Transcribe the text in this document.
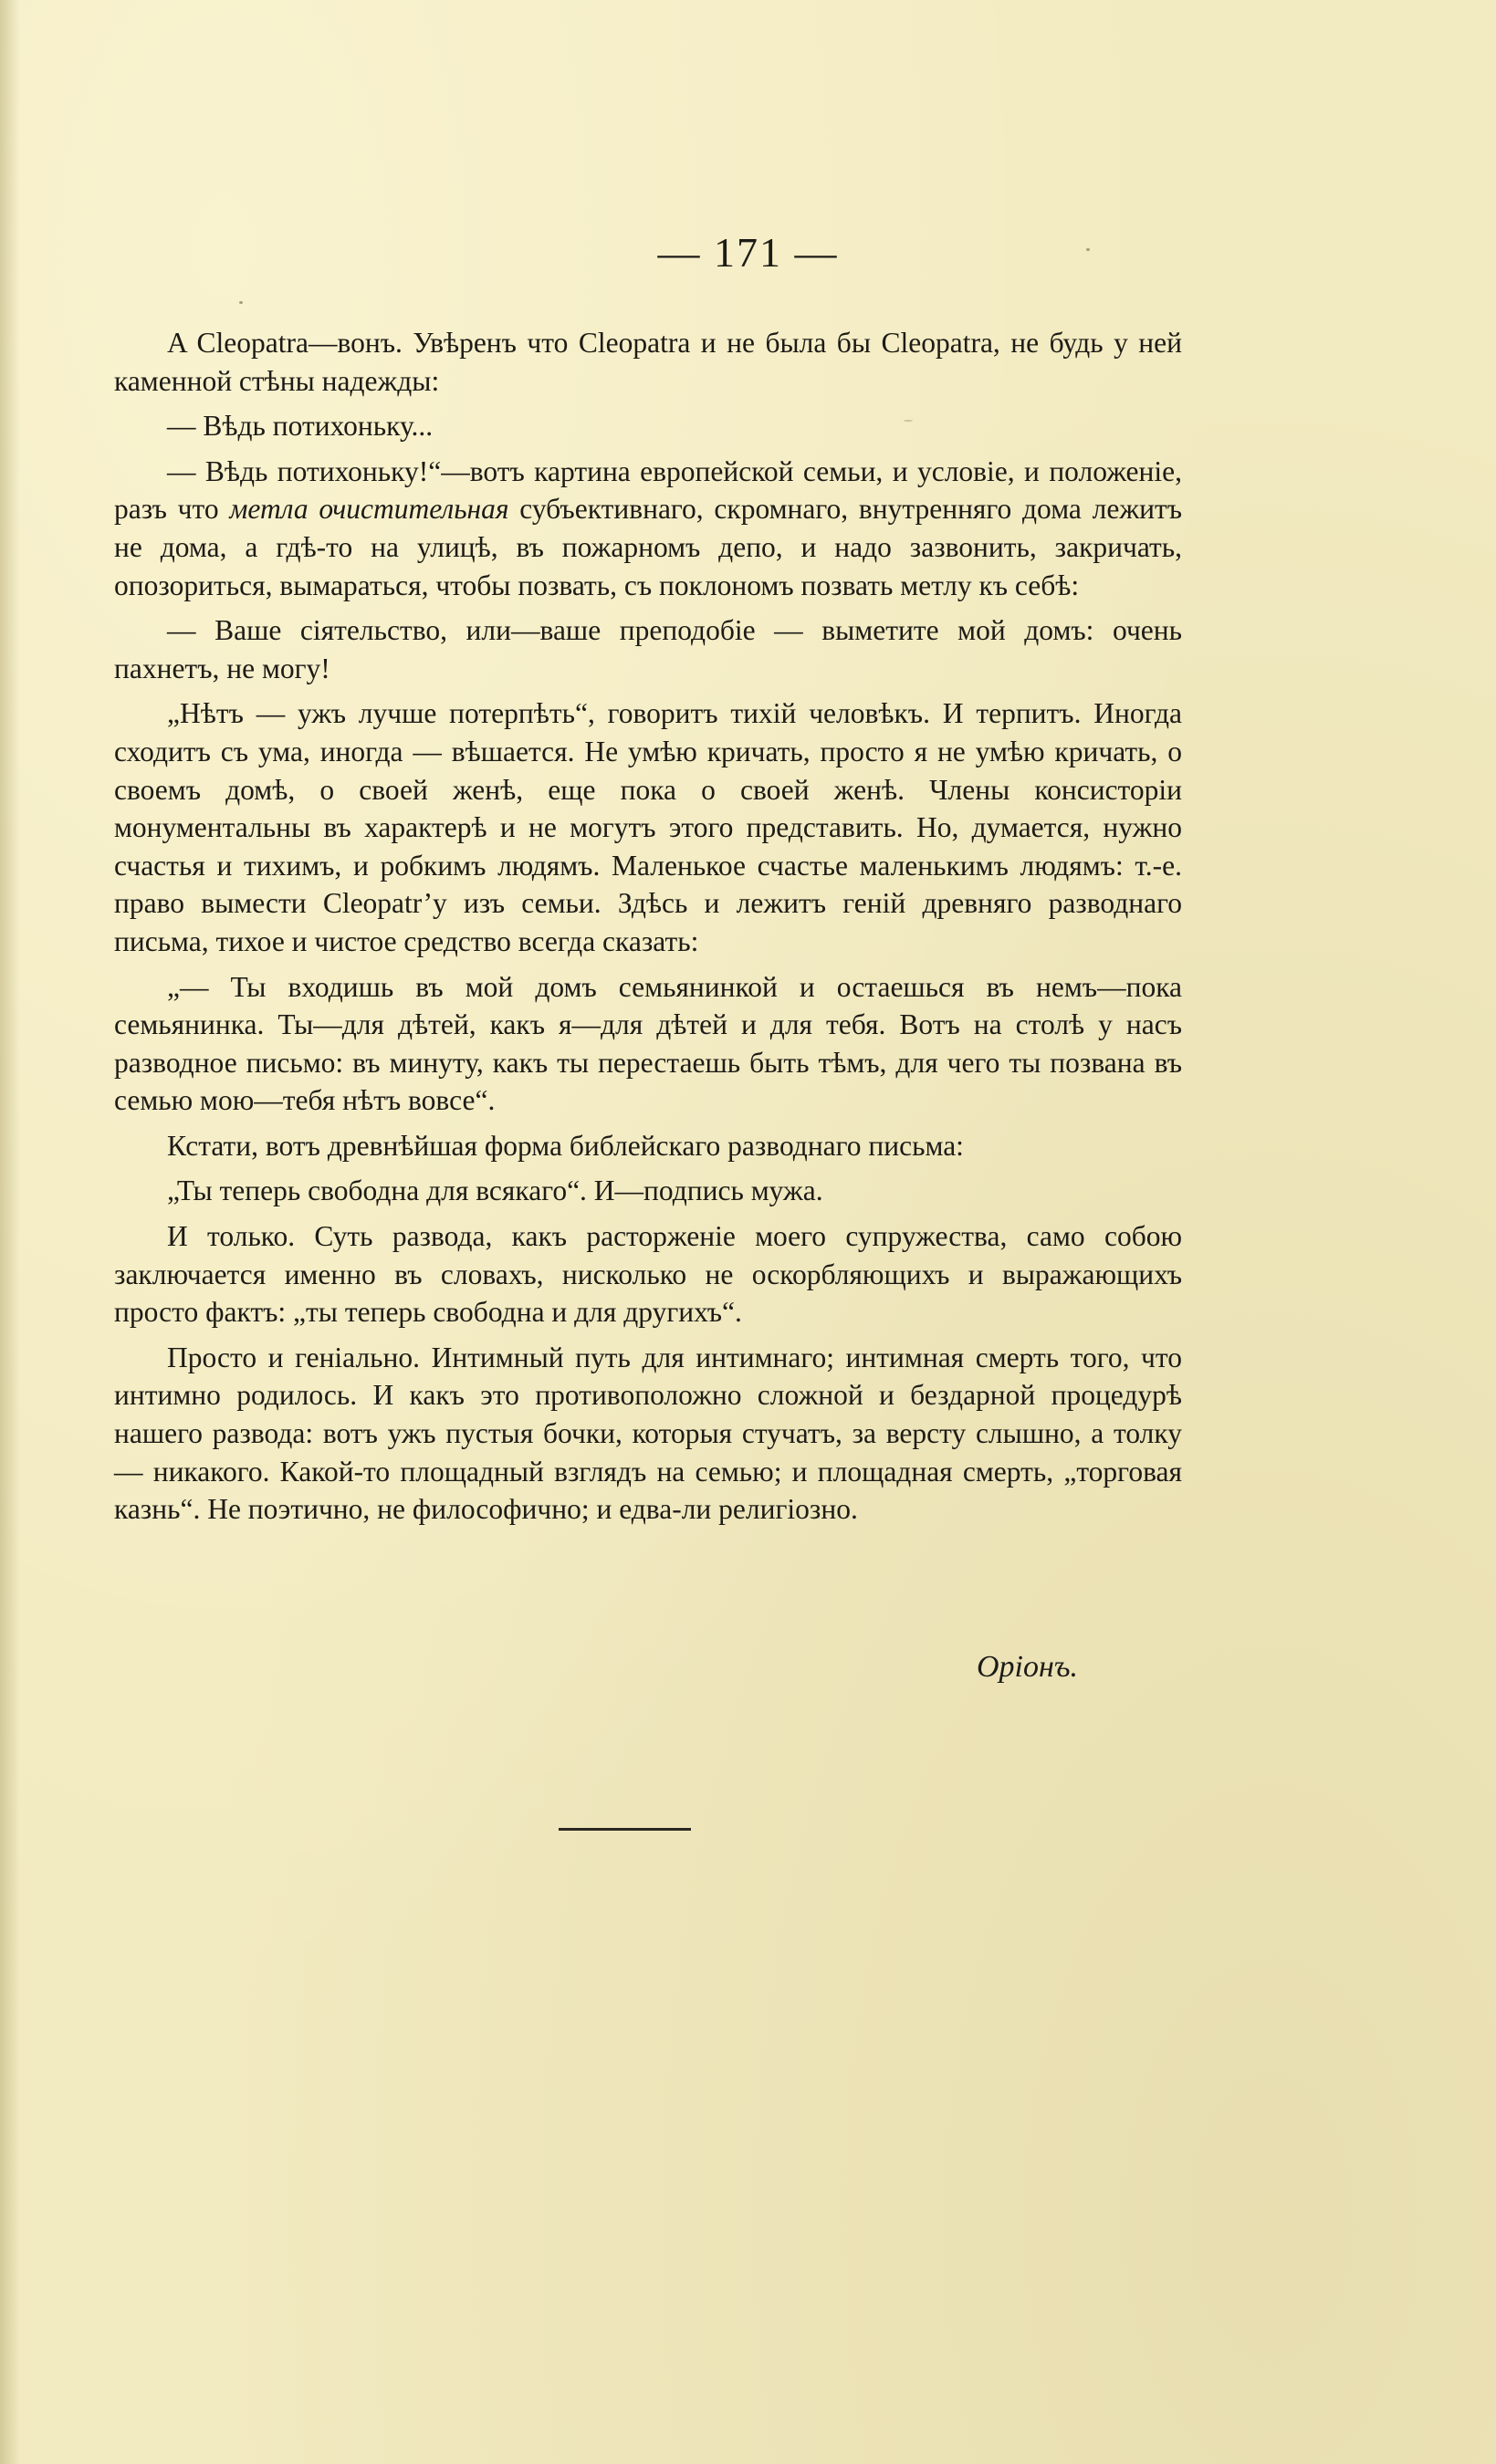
— 171 —

A Cleopatra—вонъ. Увѣренъ что Cleopatra и не была бы Cleopatra, не будь у ней каменной стѣны надежды:

— Вѣдь потихоньку...

— Вѣдь потихоньку!“—вотъ картина европейской семьи, и условіе, и положеніе, разъ что метла очистительная субъективнаго, скромнаго, внутренняго дома лежитъ не дома, а гдѣ-то на улицѣ, въ пожарномъ депо, и надо зазвонить, закричать, опозориться, вымараться, чтобы позвать, съ поклономъ позвать метлу къ себѣ:

— Ваше сіятельство, или—ваше преподобіе — выметите мой домъ: очень пахнетъ, не могу!

„Нѣтъ — ужъ лучше потерпѣть“, говоритъ тихій человѣкъ. И терпитъ. Иногда сходитъ съ ума, иногда — вѣшается. Не умѣю кричать, просто я не умѣю кричать, о своемъ домѣ, о своей женѣ, еще пока о своей женѣ. Члены консисторіи монументальны въ характерѣ и не могутъ этого представить. Но, думается, нужно счастья и тихимъ, и робкимъ людямъ. Маленькое счастье маленькимъ людямъ: т.-е. право вымести Cleopatr’у изъ семьи. Здѣсь и лежитъ геній древняго разводнаго письма, тихое и чистое средство всегда сказать:

„— Ты входишь въ мой домъ семьянинкой и остаешься въ немъ—пока семьянинка. Ты—для дѣтей, какъ я—для дѣтей и для тебя. Вотъ на столѣ у насъ разводное письмо: въ минуту, какъ ты перестаешь быть тѣмъ, для чего ты позвана въ семью мою—тебя нѣтъ вовсе“.

Кстати, вотъ древнѣйшая форма библейскаго разводнаго письма:

„Ты теперь свободна для всякаго“. И—подпись мужа.

И только. Суть развода, какъ расторженіе моего супружества, само собою заключается именно въ словахъ, нисколько не оскорбляющихъ и выражающихъ просто фактъ: „ты теперь свободна и для другихъ“.

Просто и геніально. Интимный путь для интимнаго; интимная смерть того, что интимно родилось. И какъ это противоположно сложной и бездарной процедурѣ нашего развода: вотъ ужъ пустыя бочки, которыя стучатъ, за версту слышно, а толку — никакого. Какой-то площадный взглядъ на семью; и площадная смерть, „торговая казнь“. Не поэтично, не философично; и едва-ли религіозно.

Оріонъ.
